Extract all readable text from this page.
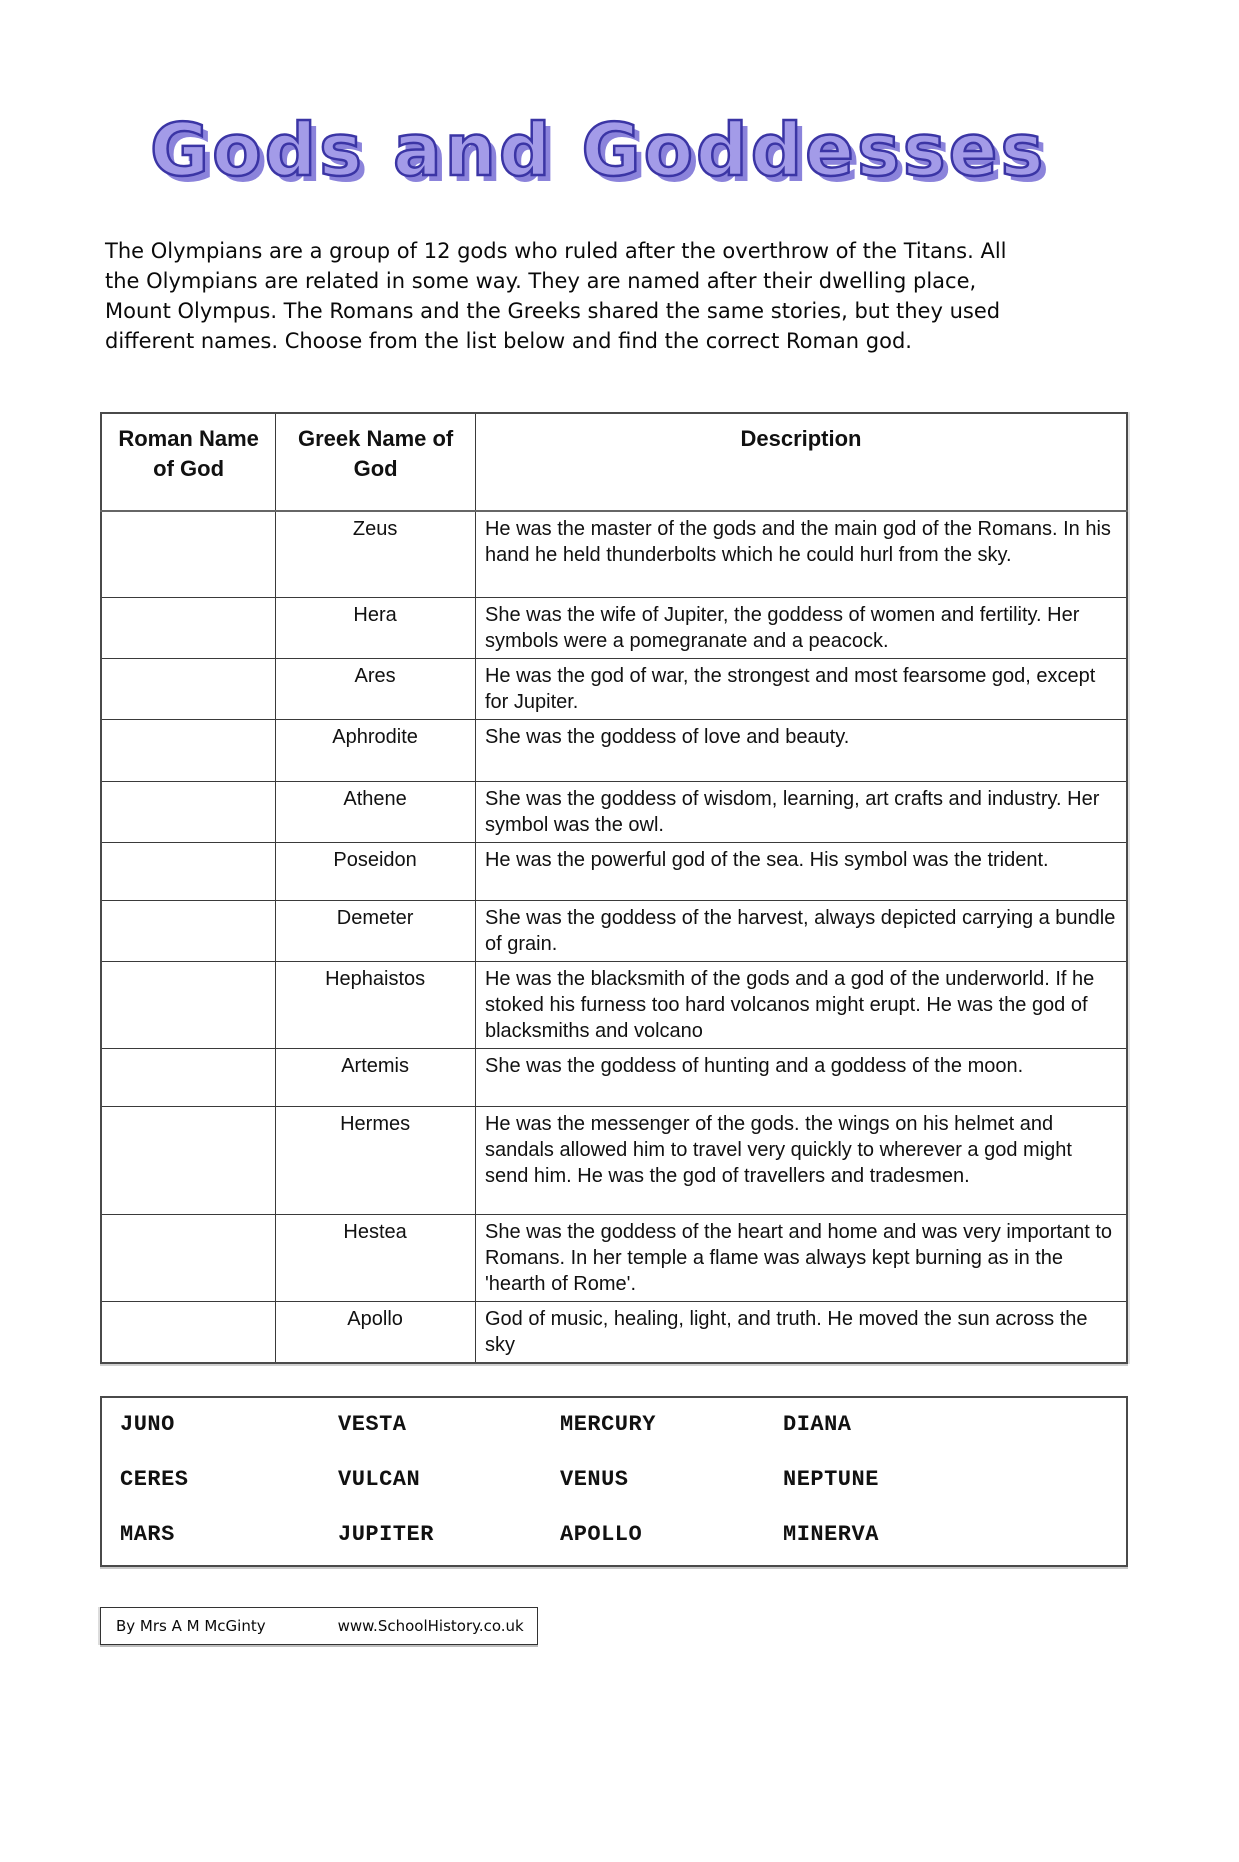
Gods and Goddesses

The Olympians are a group of 12 gods who ruled after the overthrow of the Titans. All the Olympians are related in some way. They are named after their dwelling place, Mount Olympus. The Romans and the Greeks shared the same stories, but they used different names. Choose from the list below and find the correct Roman god.

Roman Name of God	Greek Name of God	Description
	Zeus	He was the master of the gods and the main god of the Romans. In his hand he held thunderbolts which he could hurl from the sky.
	Hera	She was the wife of Jupiter, the goddess of women and fertility. Her symbols were a pomegranate and a peacock.
	Ares	He was the god of war, the strongest and most fearsome god, except for Jupiter.
	Aphrodite	She was the goddess of love and beauty.
	Athene	She was the goddess of wisdom, learning, art crafts and industry. Her symbol was the owl.
	Poseidon	He was the powerful god of the sea. His symbol was the trident.
	Demeter	She was the goddess of the harvest, always depicted carrying a bundle of grain.
	Hephaistos	He was the blacksmith of the gods and a god of the underworld. If he stoked his furness too hard volcanos might erupt. He was the god of blacksmiths and volcano
	Artemis	She was the goddess of hunting and a goddess of the moon.
	Hermes	He was the messenger of the gods. the wings on his helmet and sandals allowed him to travel very quickly to wherever a god might send him. He was the god of travellers and tradesmen.
	Hestea	She was the goddess of the heart and home and was very important to Romans. In her temple a flame was always kept burning as in the 'hearth of Rome'.
	Apollo	God of music, healing, light, and truth. He moved the sun across the sky
JUNO	VESTA	MERCURY	DIANA
CERES	VULCAN	VENUS	NEPTUNE
MARS	JUPITER	APOLLO	MINERVA
By Mrs A M McGinty	www.SchoolHistory.co.uk
